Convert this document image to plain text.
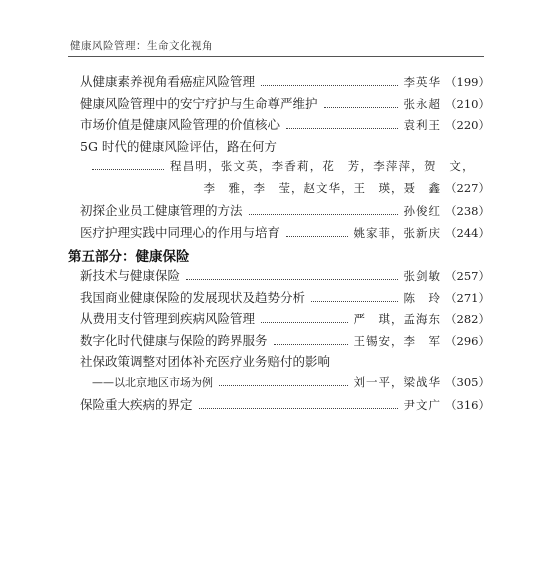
健康风险管理：生命文化视角
从健康素养视角看癌症风险管理	李英华 （199）
健康风险管理中的安宁疗护与生命尊严维护	张永超 （210）
市场价值是健康风险管理的价值核心	袁利王 （220）
5G 时代的健康风险评估，路在何方
程昌明，张文英，李香莉，花　芳，李萍萍，贺　文，
李　雅，李　莹，赵文华，王　瑛，聂　鑫 （227）
初探企业员工健康管理的方法	孙俊红 （238）
医疗护理实践中同理心的作用与培育	姚家菲，张新庆 （244）
第五部分：健康保险
新技术与健康保险	张剑敏 （257）
我国商业健康保险的发展现状及趋势分析	陈　玲 （271）
从费用支付管理到疾病风险管理	严　琪，孟海东 （282）
数字化时代健康与保险的跨界服务	王锡安，李　军 （296）
社保政策调整对团体补充医疗业务赔付的影响
——以北京地区市场为例	刘一平，梁战华 （305）
保险重大疾病的界定	尹文广 （316）
